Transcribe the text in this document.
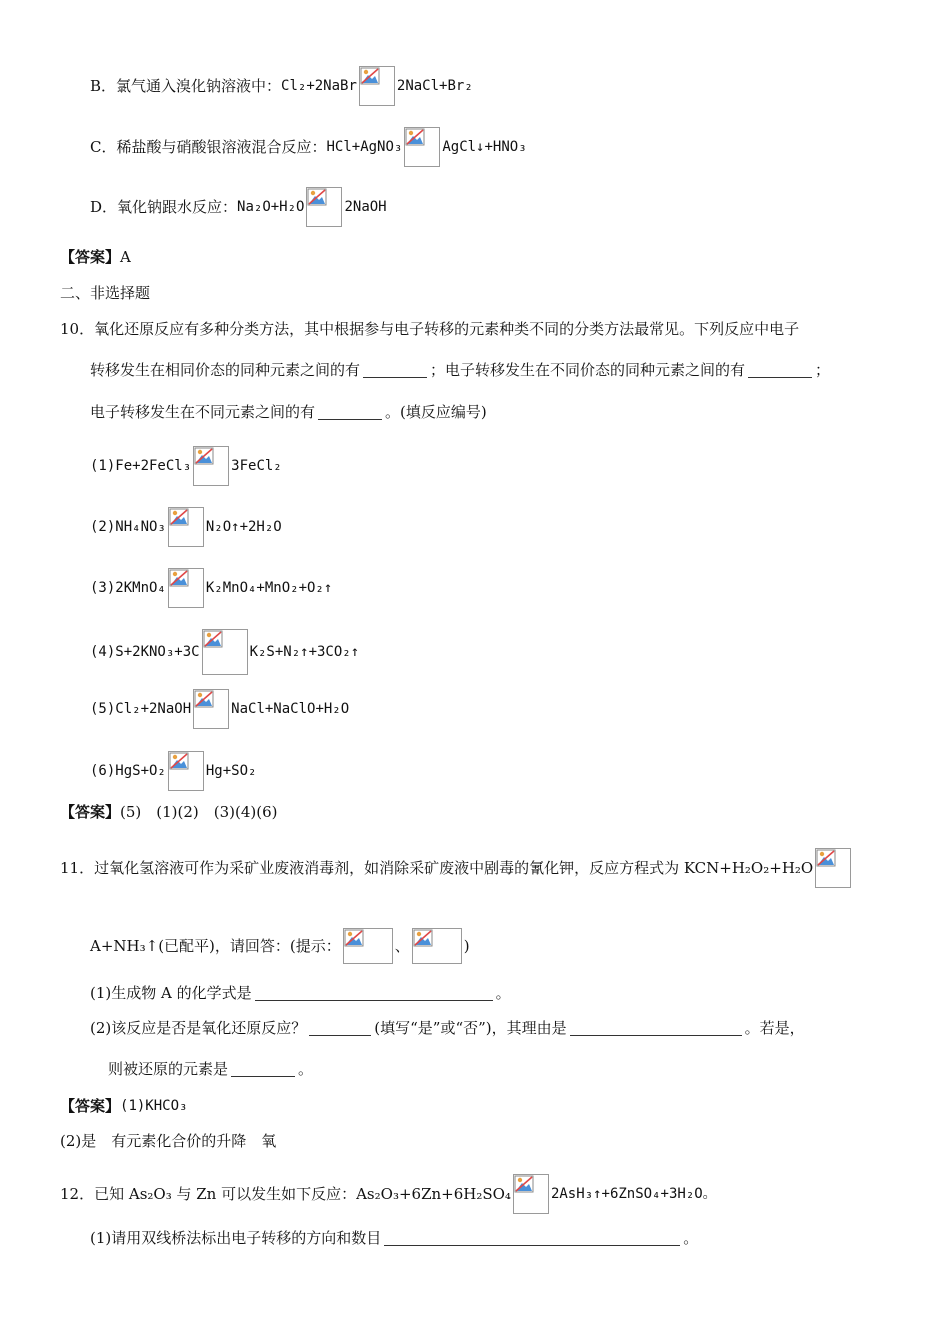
B．氯气通入溴化钠溶液中： Cl₂+2NaBr	2NaCl+Br₂
C．稀盐酸与硝酸银溶液混合反应： HCl+AgNO₃	AgCl↓+HNO₃
D．氧化钠跟水反应： Na₂O+H₂O	2NaOH
【答案】 A
二、非选择题
10． 氧化还原反应有多种分类方法，其中根据参与电子转移的元素种类不同的分类方法最常见。下列反应中电子
转移发生在相同价态的同种元素之间的有	；电子转移发生在不同价态的同种元素之间的有	；
电子转移发生在不同元素之间的有	。(填反应编号)
(1)Fe+2FeCl₃	3FeCl₂
(2)NH₄NO₃	N₂O↑+2H₂O
(3)2KMnO₄	K₂MnO₄+MnO₂+O₂↑
(4)S+2KNO₃+3C	K₂S+N₂↑+3CO₂↑
(5)Cl₂+2NaOH	NaCl+NaClO+H₂O
(6)HgS+O₂	Hg+SO₂
【答案】 (5)　(1)(2)　(3)(4)(6)
11． 过氧化氢溶液可作为采矿业废液消毒剂，如消除采矿废液中剧毒的氰化钾，反应方程式为 KCN+H₂O₂+H₂O
A+NH₃↑(已配平)，请回答：(提示：	、	)
(1)生成物 A 的化学式是	。
(2)该反应是否是氧化还原反应？	(填写“是”或“否”)，其理由是	。若是，
则被还原的元素是	。
【答案】 (1)KHCO₃
(2)是　有元素化合价的升降　氧
12． 已知 As₂O₃ 与 Zn 可以发生如下反应：As₂O₃+6Zn+6H₂SO₄	2AsH₃↑+6ZnSO₄+3H₂O。
(1)请用双线桥法标出电子转移的方向和数目	。
